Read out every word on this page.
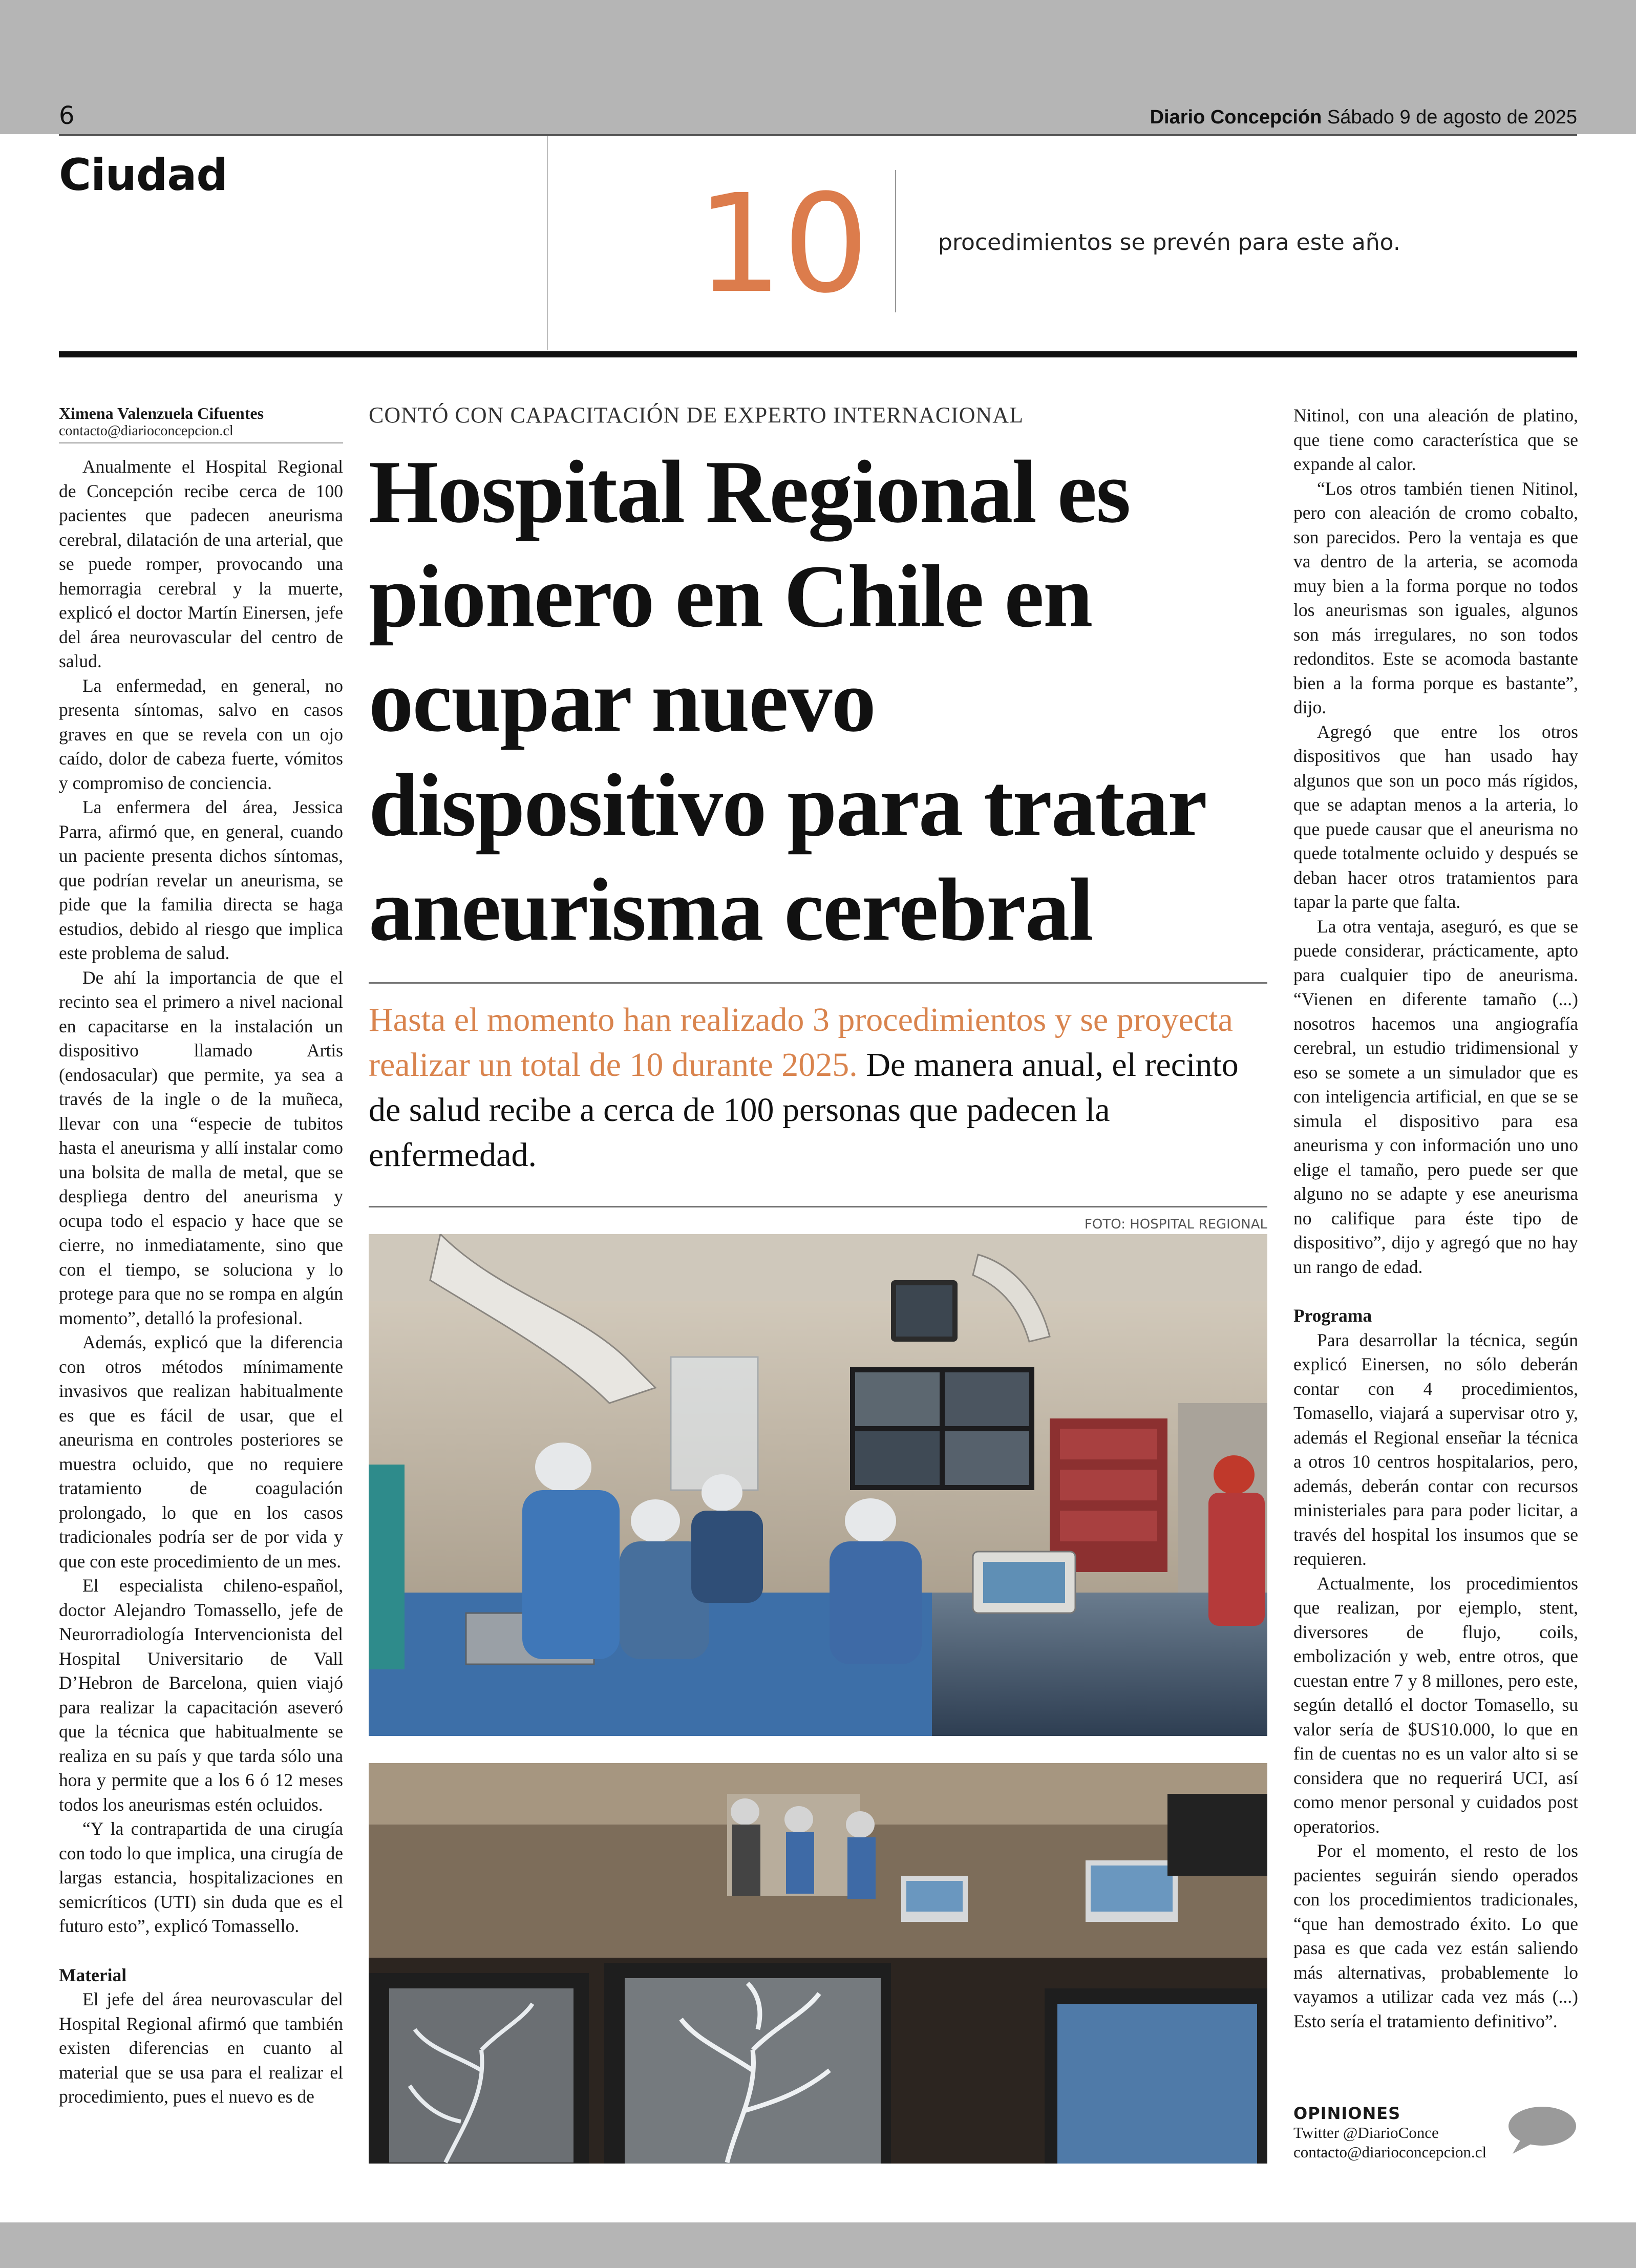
6	Diario Concepción Sábado 9 de agosto de 2025
Ciudad	10	procedimientos se prevén para este año.
Ximena Valenzuela Cifuentes
contacto@diarioconcepcion.cl

Anualmente el Hospital Regional de Concepción recibe cerca de 100 pacientes que padecen aneurisma cerebral, dilatación de una arterial, que se puede romper, provocando una hemorragia cerebral y la muerte, explicó el doctor Martín Einersen, jefe del área neurovascular del centro de salud.

La enfermedad, en general, no presenta síntomas, salvo en casos graves en que se revela con un ojo caído, dolor de cabeza fuerte, vómitos y compromiso de conciencia.

La enfermera del área, Jessica Parra, afirmó que, en general, cuando un paciente presenta dichos síntomas, que podrían revelar un aneurisma, se pide que la familia directa se haga estudios, debido al riesgo que implica este problema de salud.

De ahí la importancia de que el recinto sea el primero a nivel nacional en capacitarse en la instalación un dispositivo llamado Artis (endosacular) que permite, ya sea a través de la ingle o de la muñeca, llevar con una “especie de tubitos hasta el aneurisma y allí instalar como una bolsita de malla de metal, que se despliega dentro del aneurisma y ocupa todo el espacio y hace que se cierre, no inmediatamente, sino que con el tiempo, se soluciona y lo protege para que no se rompa en algún momento”, detalló la profesional.

Además, explicó que la diferencia con otros métodos mínimamente invasivos que realizan habitualmente es que es fácil de usar, que el aneurisma en controles posteriores se muestra ocluido, que no requiere tratamiento de coagulación prolongado, lo que en los casos tradicionales podría ser de por vida y que con este procedimiento de un mes.

El especialista chileno-español, doctor Alejandro Tomassello, jefe de Neurorradiología Intervencionista del Hospital Universitario de Vall D’Hebron de Barcelona, quien viajó para realizar la capacitación aseveró que la técnica que habitualmente se realiza en su país y que tarda sólo una hora y permite que a los 6 ó 12 meses todos los aneurismas estén ocluidos.

“Y la contrapartida de una cirugía con todo lo que implica, una cirugía de largas estancia, hospitalizaciones en semicríticos (UTI) sin duda que es el futuro esto”, explicó Tomassello.

Material

El jefe del área neurovascular del Hospital Regional afirmó que también existen diferencias en cuanto al material que se usa para el realizar el procedimiento, pues el nuevo es de

CONTÓ CON CAPACITACIÓN DE EXPERTO INTERNACIONAL
Hospital Regional es pionero en Chile en ocupar nuevo dispositivo para tratar aneurisma cerebral
Hasta el momento han realizado 3 procedimientos y se proyecta realizar un total de 10 durante 2025. De manera anual, el recinto de salud recibe a cerca de 100 personas que padecen la enfermedad.
FOTO: HOSPITAL REGIONAL

Nitinol, con una aleación de platino, que tiene como característica que se expande al calor.

“Los otros también tienen Nitinol, pero con aleación de cromo cobalto, son parecidos. Pero la ventaja es que va dentro de la arteria, se acomoda muy bien a la forma porque no todos los aneurismas son iguales, algunos son más irregulares, no son todos redonditos. Este se acomoda bastante bien a la forma porque es bastante”, dijo.

Agregó que entre los otros dispositivos que han usado hay algunos que son un poco más rígidos, que se adaptan menos a la arteria, lo que puede causar que el aneurisma no quede totalmente ocluido y después se deban hacer otros tratamientos para tapar la parte que falta.

La otra ventaja, aseguró, es que se puede considerar, prácticamente, apto para cualquier tipo de aneurisma. “Vienen en diferente tamaño (...) nosotros hacemos una angiografía cerebral, un estudio tridimensional y eso se somete a un simulador que es con inteligencia artificial, en que se se simula el dispositivo para esa aneurisma y con información uno uno elige el tamaño, pero puede ser que alguno no se adapte y ese aneurisma no califique para éste tipo de dispositivo”, dijo y agregó que no hay un rango de edad.

Programa

Para desarrollar la técnica, según explicó Einersen, no sólo deberán contar con 4 procedimientos, Tomasello, viajará a supervisar otro y, además el Regional enseñar la técnica a otros 10 centros hospitalarios, pero, además, deberán contar con recursos ministeriales para para poder licitar, a través del hospital los insumos que se requieren.

Actualmente, los procedimientos que realizan, por ejemplo, stent, diversores de flujo, coils, embolización y web, entre otros, que cuestan entre 7 y 8 millones, pero este, según detalló el doctor Tomasello, su valor sería de $US10.000, lo que en fin de cuentas no es un valor alto si se considera que no requerirá UCI, así como menor personal y cuidados post operatorios.

Por el momento, el resto de los pacientes seguirán siendo operados con los procedimientos tradicionales, “que han demostrado éxito. Lo que pasa es que cada vez están saliendo más alternativas, probablemente lo vayamos a utilizar cada vez más (...) Esto sería el tratamiento definitivo”.

OPINIONES
Twitter @DiarioConce
contacto@diarioconcepcion.cl
